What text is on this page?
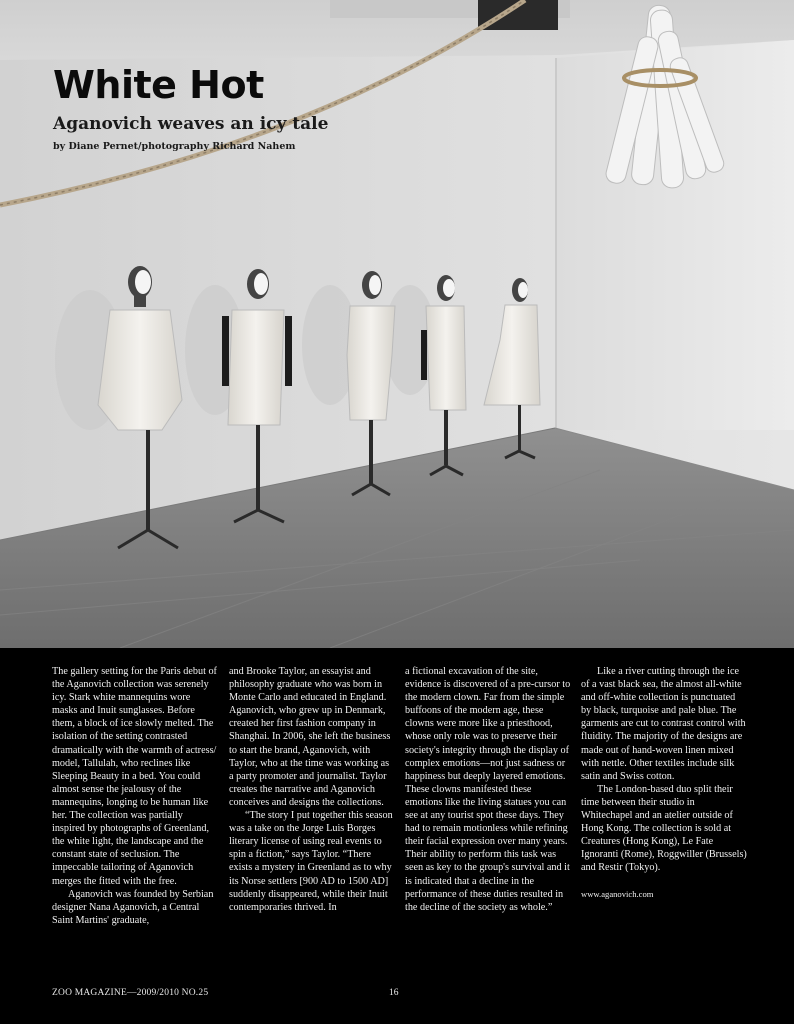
White Hot
Aganovich weaves an icy tale

by Diane Pernet/photography Richard Nahem

The gallery setting for the Paris debut of the Aganovich collection was serenely icy. Stark white mannequins wore masks and Inuit sunglasses. Before them, a block of ice slowly melted. The isolation of the setting contrasted dramatically with the warmth of actress/ model, Tallulah, who reclines like Sleeping Beauty in a bed. You could almost sense the jealousy of the mannequins, longing to be human like her. The collection was partially inspired by photographs of Greenland, the white light, the landscape and the constant state of seclusion. The impeccable tailoring of Aganovich merges the fitted with the free.

Aganovich was founded by Serbian designer Nana Aganovich, a Central Saint Martins' graduate,

and Brooke Taylor, an essayist and philosophy graduate who was born in Monte Carlo and educated in England. Aganovich, who grew up in Denmark, created her first fashion company in Shanghai. In 2006, she left the business to start the brand, Aganovich, with Taylor, who at the time was working as a party promoter and journalist. Taylor creates the narrative and Aganovich conceives and designs the collections.

“The story I put together this season was a take on the Jorge Luis Borges literary license of using real events to spin a fiction,” says Taylor. “There exists a mystery in Greenland as to why its Norse settlers [900 AD to 1500 AD] suddenly disappeared, while their Inuit contemporaries thrived. In

a fictional excavation of the site, evidence is discovered of a pre-cursor to the modern clown. Far from the simple buffoons of the modern age, these clowns were more like a priesthood, whose only role was to preserve their society's integrity through the display of complex emotions—not just sadness or happiness but deeply layered emotions. These clowns manifested these emotions like the living statues you can see at any tourist spot these days. They had to remain motionless while refining their facial expression over many years. Their ability to perform this task was seen as key to the group's survival and it is indicated that a decline in the performance of these duties resulted in the decline of the society as whole.”

Like a river cutting through the ice of a vast black sea, the almost all-white and off-white collection is punctuated by black, turquoise and pale blue. The garments are cut to contrast control with fluidity. The majority of the designs are made out of hand-woven linen mixed with nettle. Other textiles include silk satin and Swiss cotton.

The London-based duo split their time between their studio in Whitechapel and an atelier outside of Hong Kong. The collection is sold at Creatures (Hong Kong), Le Fate Ignoranti (Rome), Roggwiller (Brussels) and Restir (Tokyo).

www.aganovich.com

ZOO MAGAZINE—2009/2010 NO.25	16
